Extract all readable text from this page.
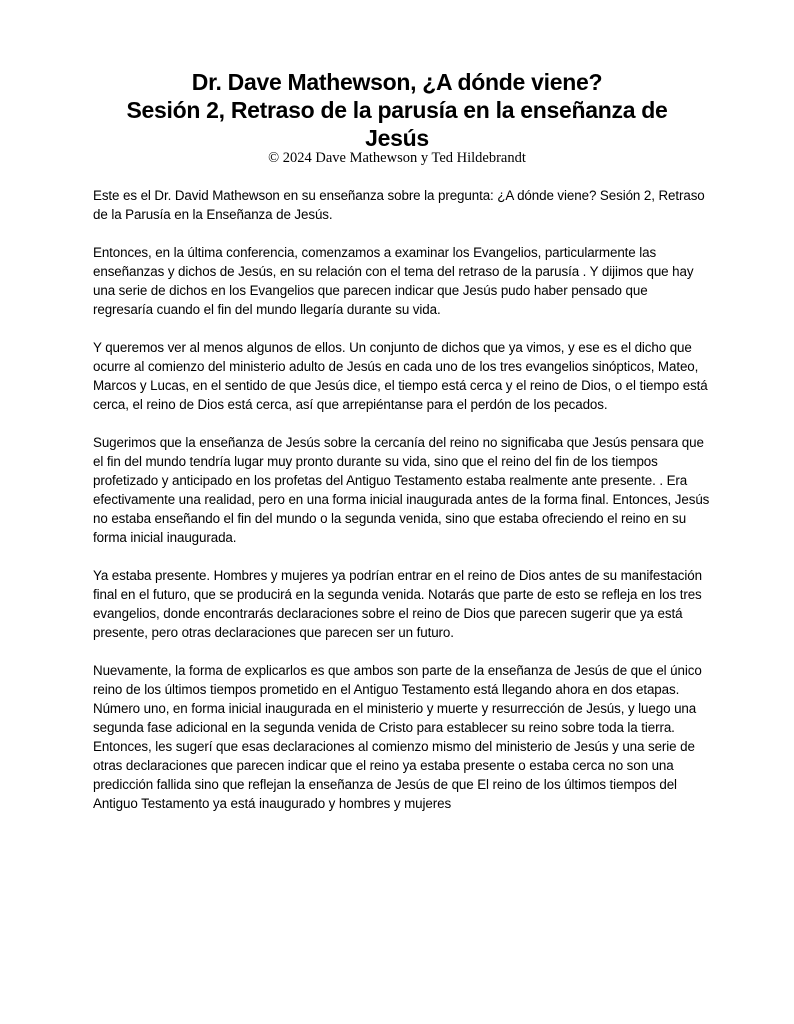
Dr. Dave Mathewson, ¿A dónde viene?
Sesión 2, Retraso de la parusía en la enseñanza de
Jesús

© 2024 Dave Mathewson y Ted Hildebrandt

Este es el Dr. David Mathewson en su enseñanza sobre la pregunta: ¿A dónde viene? Sesión 2, Retraso de la Parusía en la Enseñanza de Jesús.

Entonces, en la última conferencia, comenzamos a examinar los Evangelios, particularmente las enseñanzas y dichos de Jesús, en su relación con el tema del retraso de la parusía . Y dijimos que hay una serie de dichos en los Evangelios que parecen indicar que Jesús pudo haber pensado que regresaría cuando el fin del mundo llegaría durante su vida.

Y queremos ver al menos algunos de ellos. Un conjunto de dichos que ya vimos, y ese es el dicho que ocurre al comienzo del ministerio adulto de Jesús en cada uno de los tres evangelios sinópticos, Mateo, Marcos y Lucas, en el sentido de que Jesús dice, el tiempo está cerca y el reino de Dios, o el tiempo está cerca, el reino de Dios está cerca, así que arrepiéntanse para el perdón de los pecados.

Sugerimos que la enseñanza de Jesús sobre la cercanía del reino no significaba que Jesús pensara que el fin del mundo tendría lugar muy pronto durante su vida, sino que el reino del fin de los tiempos profetizado y anticipado en los profetas del Antiguo Testamento estaba realmente ante presente. . Era efectivamente una realidad, pero en una forma inicial inaugurada antes de la forma final. Entonces, Jesús no estaba enseñando el fin del mundo o la segunda venida, sino que estaba ofreciendo el reino en su forma inicial inaugurada.

Ya estaba presente. Hombres y mujeres ya podrían entrar en el reino de Dios antes de su manifestación final en el futuro, que se producirá en la segunda venida. Notarás que parte de esto se refleja en los tres evangelios, donde encontrarás declaraciones sobre el reino de Dios que parecen sugerir que ya está presente, pero otras declaraciones que parecen ser un futuro.

Nuevamente, la forma de explicarlos es que ambos son parte de la enseñanza de Jesús de que el único reino de los últimos tiempos prometido en el Antiguo Testamento está llegando ahora en dos etapas. Número uno, en forma inicial inaugurada en el ministerio y muerte y resurrección de Jesús, y luego una segunda fase adicional en la segunda venida de Cristo para establecer su reino sobre toda la tierra. Entonces, les sugerí que esas declaraciones al comienzo mismo del ministerio de Jesús y una serie de otras declaraciones que parecen indicar que el reino ya estaba presente o estaba cerca no son una predicción fallida sino que reflejan la enseñanza de Jesús de que El reino de los últimos tiempos del Antiguo Testamento ya está inaugurado y hombres y mujeres
